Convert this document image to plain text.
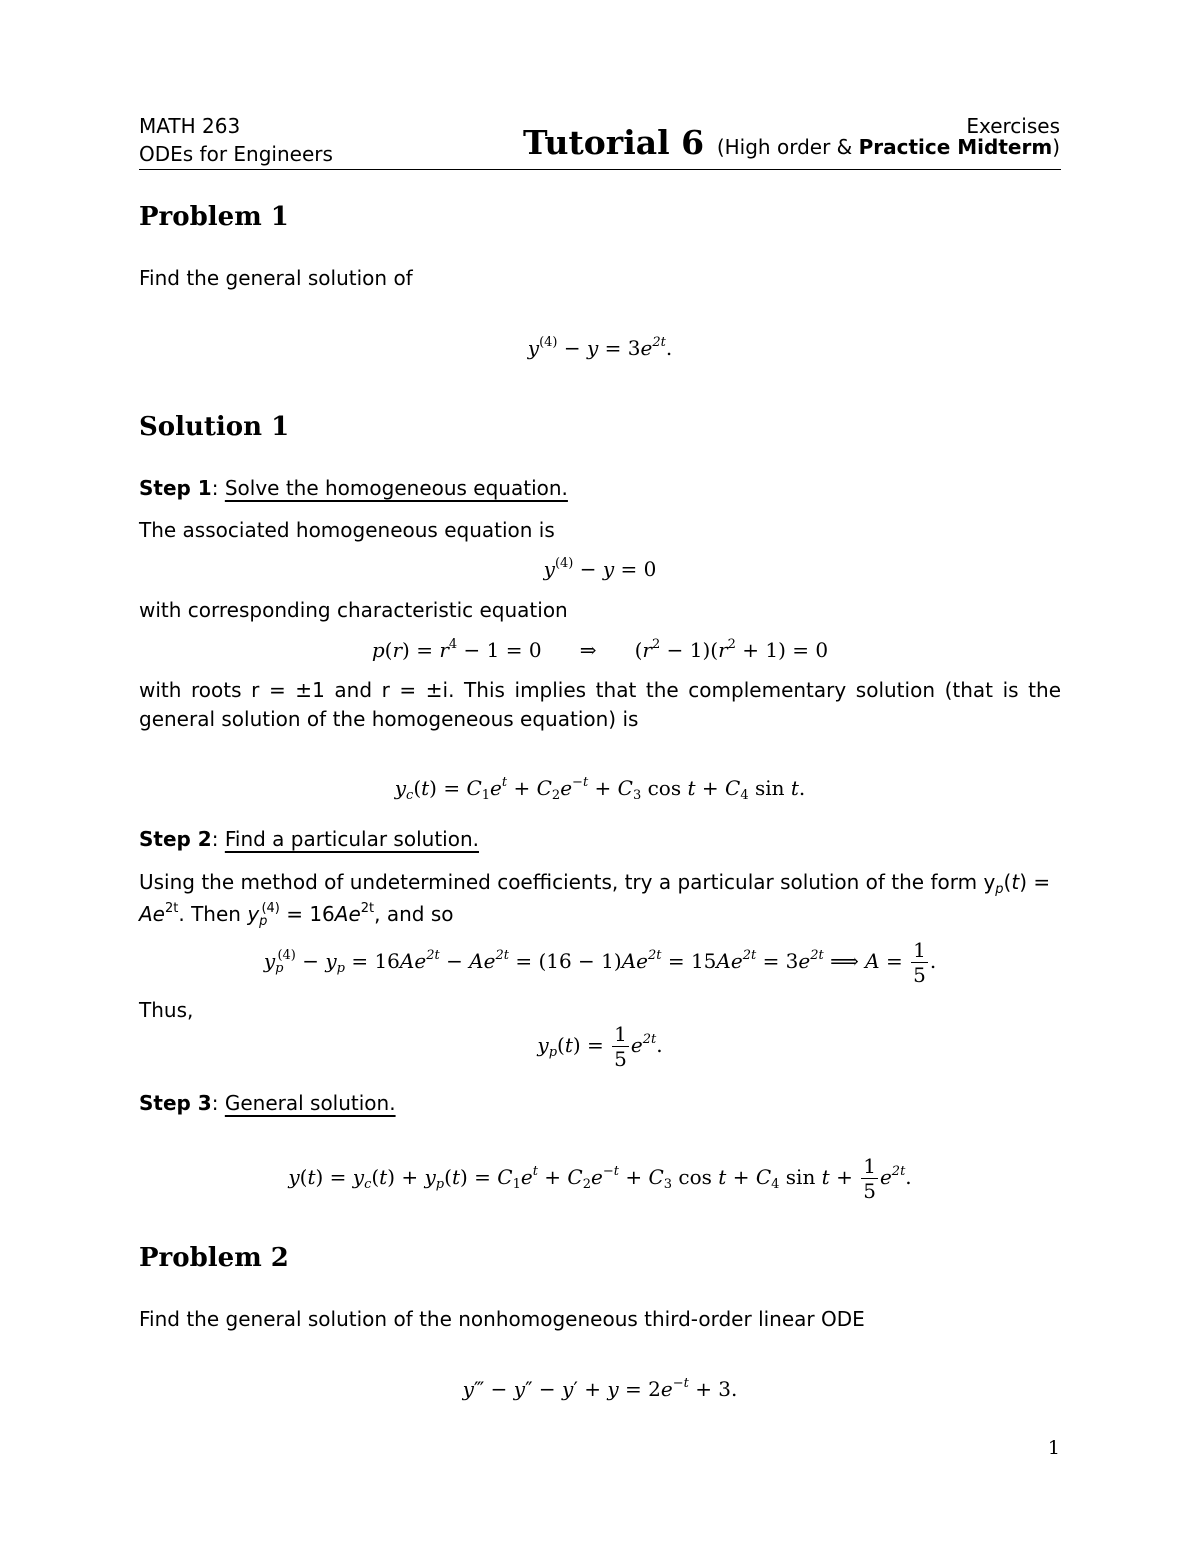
MATH 263
ODEs for Engineers
Exercises
Tutorial 6 (High order & Practice Midterm)
Problem 1
Find the general solution of
$y^{(4)} - y = 3e^{2t}$.
Solution 1
Step 1: Solve the homogeneous equation.
The associated homogeneous equation is
$y^{(4)} - y = 0$
with corresponding characteristic equation
$p(r) = r^4 - 1 = 0$      ⇒      $(r^2 - 1)(r^2 + 1) = 0$
with roots r = ±1 and r = ±i. This implies that the complementary solution (that is the general solution of the homogeneous equation) is
$y_c(t) = C_1e^t + C_2e^{-t} + C_3$ $\cos t + C_4$ sin t.
Step 2: Find a particular solution.
Using the method of undetermined coefficients, try a particular solution of the form $y_p(t)$ =
$Ae^{2t}$. Then $y_p^{(4)} = 16Ae^{2t}$, and so
$y_p^{(4)} - y_p = 16Ae^{2t} - Ae^{2t} = (16 - 1)Ae^{2t} = 15Ae^{2t} = 3e^{2t}$ ⟹ $A = \frac{1}{5}$ .
Thus,
$y_p(t) = \frac{1}{5} e^{2t}$.
Step 3: General solution.
$y(t) = y_c(t) + y_p(t) = C_1e^t + C_2e^{-t} + C_3$ $\cos t + C_4$ $\sin t + \frac{1}{5} e^{2t}$.
Problem 2
Find the general solution of the nonhomogeneous third-order linear ODE
y‴ − $y'' - y' + y = 2e^{-t} + 3$.
1
